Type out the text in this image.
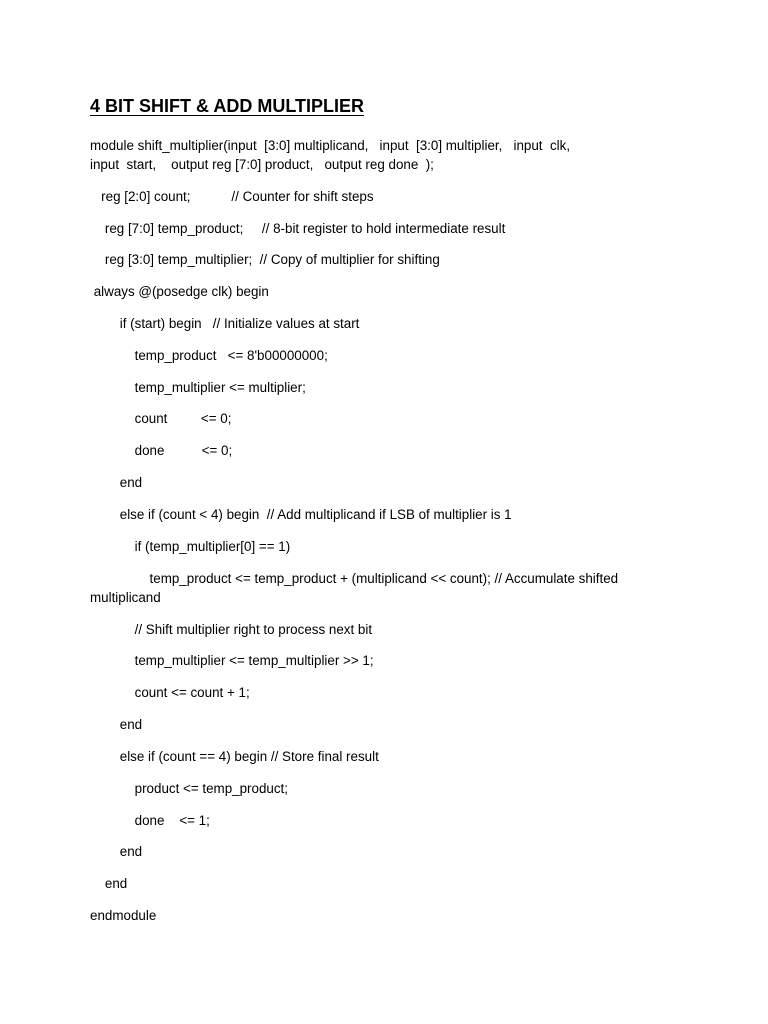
4 BIT SHIFT & ADD MULTIPLIER
module shift_multiplier(input  [3:0] multiplicand,   input  [3:0] multiplier,   input  clk,
input  start,    output reg [7:0] product,   output reg done  );
reg [2:0] count;           // Counter for shift steps
reg [7:0] temp_product;     // 8-bit register to hold intermediate result
reg [3:0] temp_multiplier;  // Copy of multiplier for shifting
always @(posedge clk) begin
if (start) begin   // Initialize values at start
temp_product   <= 8'b00000000;
temp_multiplier <= multiplier;
count         <= 0;
done          <= 0;
end
else if (count < 4) begin  // Add multiplicand if LSB of multiplier is 1
if (temp_multiplier[0] == 1)
temp_product <= temp_product + (multiplicand << count); // Accumulate shifted
multiplicand
// Shift multiplier right to process next bit
temp_multiplier <= temp_multiplier >> 1;
count <= count + 1;
end
else if (count == 4) begin // Store final result
product <= temp_product;
done    <= 1;
end
end
endmodule
